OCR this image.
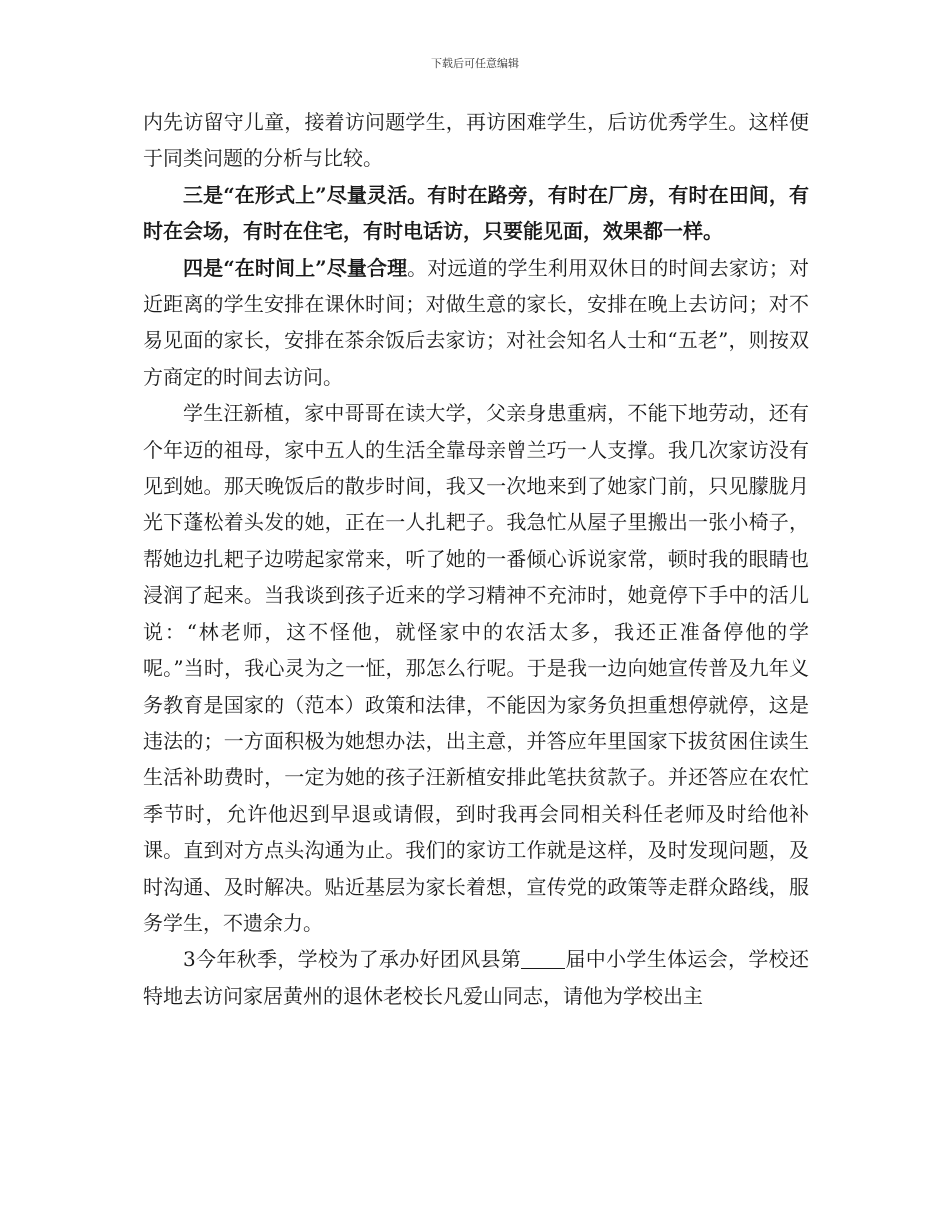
下载后可任意编辑

内先访留守儿童，接着访问题学生，再访困难学生，后访优秀学生。这样便于同类问题的分析与比较。

三是“在形式上”尽量灵活。有时在路旁，有时在厂房，有时在田间，有时在会场，有时在住宅，有时电话访，只要能见面，效果都一样。

四是“在时间上”尽量合理。对远道的学生利用双休日的时间去家访；对近距离的学生安排在课休时间；对做生意的家长，安排在晚上去访问；对不易见面的家长，安排在茶余饭后去家访；对社会知名人士和“五老”，则按双方商定的时间去访问。

学生汪新植，家中哥哥在读大学，父亲身患重病，不能下地劳动，还有个年迈的祖母，家中五人的生活全靠母亲曾兰巧一人支撑。我几次家访没有见到她。那天晚饭后的散步时间，我又一次地来到了她家门前，只见朦胧月光下蓬松着头发的她，正在一人扎耙子。我急忙从屋子里搬出一张小椅子，帮她边扎耙子边唠起家常来，听了她的一番倾心诉说家常，顿时我的眼睛也浸润了起来。当我谈到孩子近来的学习精神不充沛时，她竟停下手中的活儿说：“林老师，这不怪他，就怪家中的农活太多，我还正准备停他的学呢。”当时，我心灵为之一怔，那怎么行呢。于是我一边向她宣传普及九年义务教育是国家的（范本）政策和法律，不能因为家务负担重想停就停，这是违法的；一方面积极为她想办法，出主意，并答应年里国家下拔贫困住读生生活补助费时，一定为她的孩子汪新植安排此笔扶贫款子。并还答应在农忙季节时，允许他迟到早退或请假，到时我再会同相关科任老师及时给他补课。直到对方点头沟通为止。我们的家访工作就是这样，及时发现问题，及时沟通、及时解决。贴近基层为家长着想，宣传党的政策等走群众路线，服务学生，不遗余力。

3今年秋季，学校为了承办好团风县第 届中小学生体运会，学校还特地去访问家居黄州的退休老校长凡爱山同志，请他为学校出主
